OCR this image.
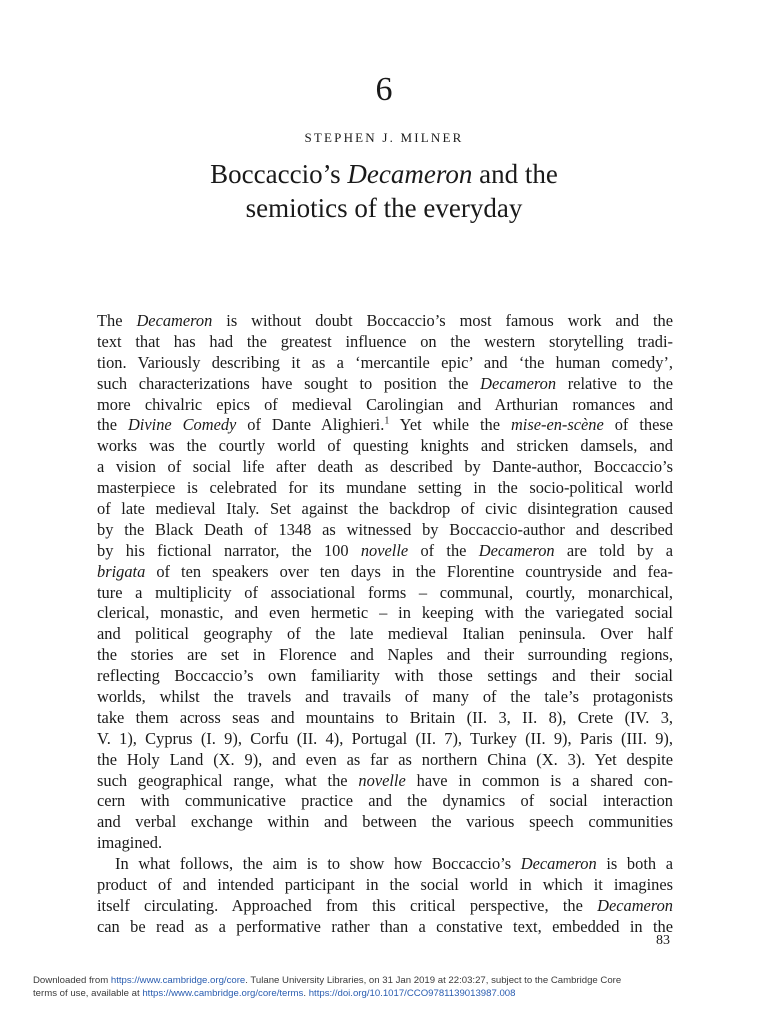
6
STEPHEN J. MILNER
Boccaccio’s Decameron and the
semiotics of the everyday
The Decameron is without doubt Boccaccio’s most famous work and the
text that has had the greatest influence on the western storytelling tradi-
tion. Variously describing it as a ‘mercantile epic’ and ‘the human comedy’,
such characterizations have sought to position the Decameron relative to the
more chivalric epics of medieval Carolingian and Arthurian romances and
the Divine Comedy of Dante Alighieri.$^1$ Yet while the mise-en-scène of these
works was the courtly world of questing knights and stricken damsels, and
a vision of social life after death as described by Dante-author, Boccaccio’s
masterpiece is celebrated for its mundane setting in the socio-political world
of late medieval Italy. Set against the backdrop of civic disintegration caused
by the Black Death of 1348 as witnessed by Boccaccio-author and described
by his fictional narrator, the 100 novelle of the Decameron are told by a
brigata of ten speakers over ten days in the Florentine countryside and fea-
ture a multiplicity of associational forms – communal, courtly, monarchical,
clerical, monastic, and even hermetic – in keeping with the variegated social
and political geography of the late medieval Italian peninsula. Over half
the stories are set in Florence and Naples and their surrounding regions,
reflecting Boccaccio’s own familiarity with those settings and their social
worlds, whilst the travels and travails of many of the tale’s protagonists
take them across seas and mountains to Britain (II. 3, II. 8), Crete (IV. 3,
V. 1), Cyprus (I. 9), Corfu (II. 4), Portugal (II. 7), Turkey (II. 9), Paris (III. 9),
the Holy Land (X. 9), and even as far as northern China (X. 3). Yet despite
such geographical range, what the novelle have in common is a shared con-
cern with communicative practice and the dynamics of social interaction
and verbal exchange within and between the various speech communities
imagined.
In what follows, the aim is to show how Boccaccio’s Decameron is both a
product of and intended participant in the social world in which it imagines
itself circulating. Approached from this critical perspective, the Decameron
can be read as a performative rather than a constative text, embedded in the
83
Downloaded from https://www.cambridge.org/core. Tulane University Libraries, on 31 Jan 2019 at 22:03:27, subject to the Cambridge Core
terms of use, available at https://www.cambridge.org/core/terms. https://doi.org/10.1017/CCO9781139013987.008
